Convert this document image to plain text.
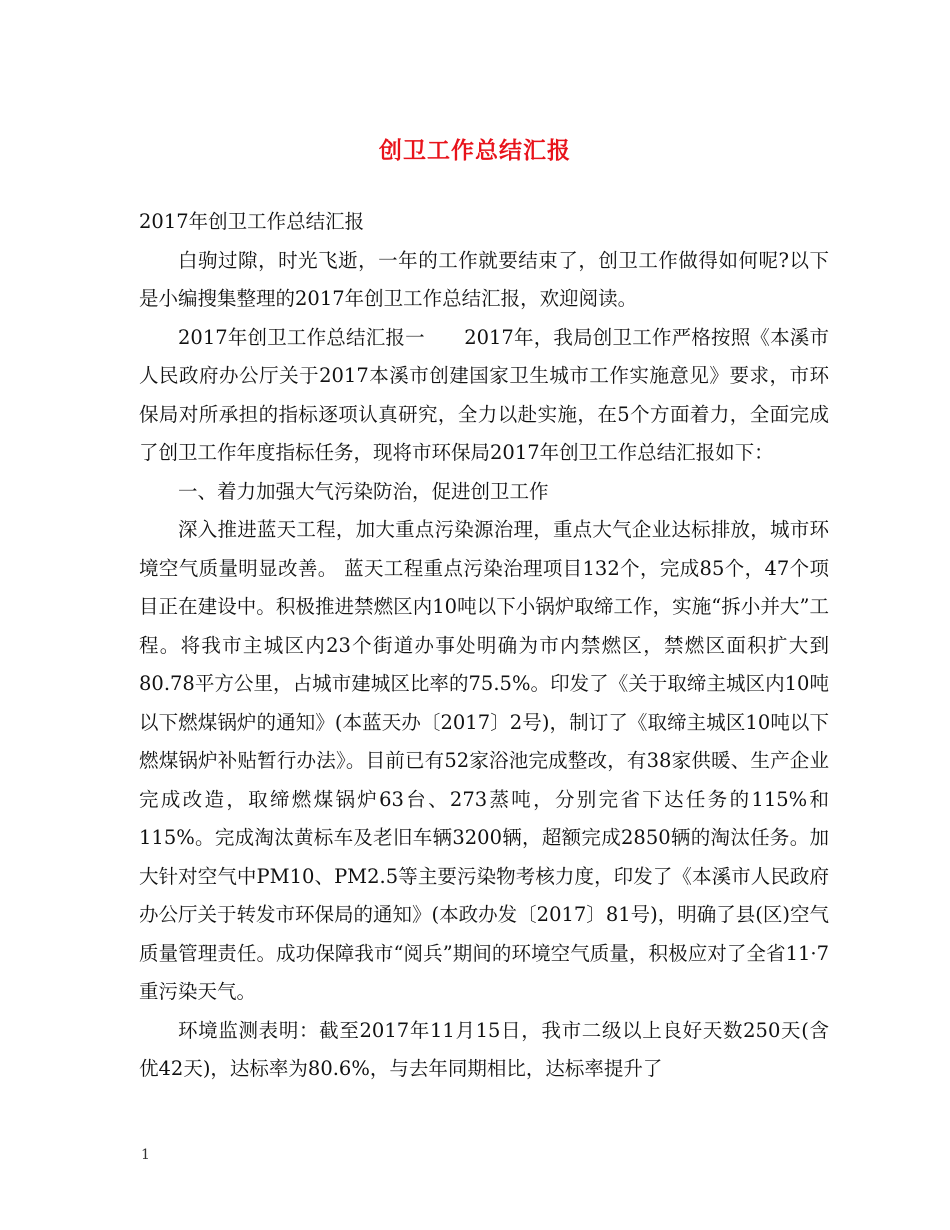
创卫工作总结汇报

2017年创卫工作总结汇报

白驹过隙，时光飞逝，一年的工作就要结束了，创卫工作做得如何呢?以下是小编搜集整理的2017年创卫工作总结汇报，欢迎阅读。

2017年创卫工作总结汇报一　　2017年，我局创卫工作严格按照《本溪市人民政府办公厅关于2017本溪市创建国家卫生城市工作实施意见》要求，市环保局对所承担的指标逐项认真研究，全力以赴实施，在5个方面着力，全面完成了创卫工作年度指标任务，现将市环保局2017年创卫工作总结汇报如下：

一、着力加强大气污染防治，促进创卫工作

深入推进蓝天工程，加大重点污染源治理，重点大气企业达标排放，城市环境空气质量明显改善。 蓝天工程重点污染治理项目132个，完成85个，47个项目正在建设中。积极推进禁燃区内10吨以下小锅炉取缔工作，实施“拆小并大”工程。将我市主城区内23个街道办事处明确为市内禁燃区，禁燃区面积扩大到80.78平方公里，占城市建城区比率的75.5%。印发了《关于取缔主城区内10吨以下燃煤锅炉的通知》(本蓝天办〔2017〕2号)，制订了《取缔主城区10吨以下燃煤锅炉补贴暂行办法》。目前已有52家浴池完成整改，有38家供暖、生产企业完成改造，取缔燃煤锅炉63台、273蒸吨，分别完省下达任务的115%和115%。完成淘汰黄标车及老旧车辆3200辆，超额完成2850辆的淘汰任务。加大针对空气中PM10、PM2.5等主要污染物考核力度，印发了《本溪市人民政府办公厅关于转发市环保局的通知》(本政办发〔2017〕81号)，明确了县(区)空气质量管理责任。成功保障我市“阅兵”期间的环境空气质量，积极应对了全省11·7重污染天气。

环境监测表明：截至2017年11月15日，我市二级以上良好天数250天(含优42天)，达标率为80.6%，与去年同期相比，达标率提升了

1
